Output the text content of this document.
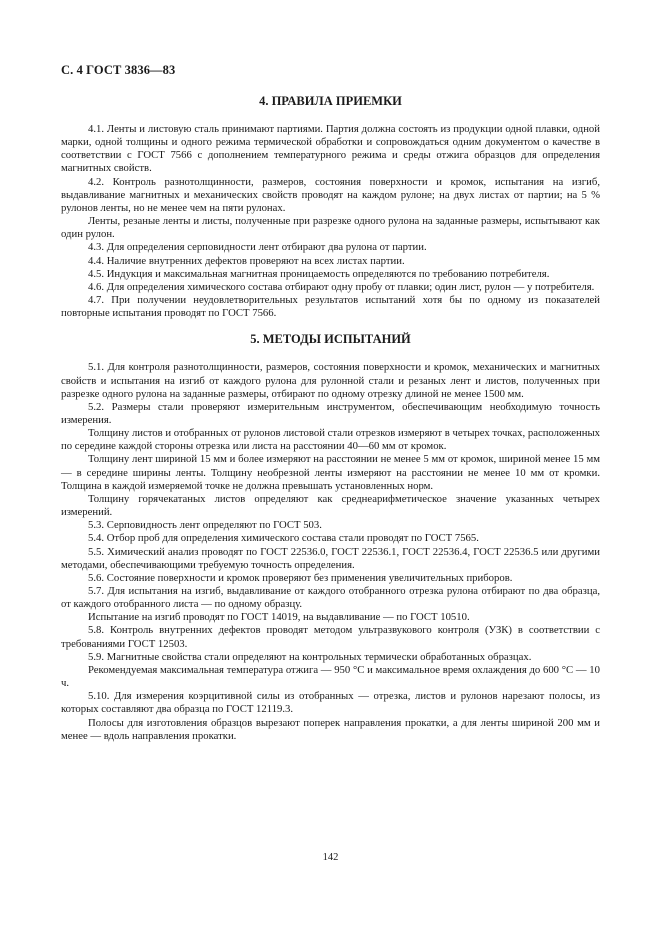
С. 4 ГОСТ 3836—83
4. ПРАВИЛА ПРИЕМКИ

4.1. Ленты и листовую сталь принимают партиями. Партия должна состоять из продукции одной плавки, одной марки, одной толщины и одного режима термической обработки и сопровождаться одним документом о качестве в соответствии с ГОСТ 7566 с дополнением температурного режима и среды отжига образцов для определения магнитных свойств.

4.2. Контроль разнотолщинности, размеров, состояния поверхности и кромок, испытания на изгиб, выдавливание магнитных и механических свойств проводят на каждом рулоне; на двух листах от партии; на 5 % рулонов ленты, но не менее чем на пяти рулонах.

Ленты, резаные ленты и листы, полученные при разрезке одного рулона на заданные размеры, испытывают как один рулон.

4.3. Для определения серповидности лент отбирают два рулона от партии.

4.4. Наличие внутренних дефектов проверяют на всех листах партии.

4.5. Индукция и максимальная магнитная проницаемость определяются по требованию потребителя.

4.6. Для определения химического состава отбирают одну пробу от плавки; один лист, рулон — у потребителя.

4.7. При получении неудовлетворительных результатов испытаний хотя бы по одному из показателей повторные испытания проводят по ГОСТ 7566.

5. МЕТОДЫ ИСПЫТАНИЙ

5.1. Для контроля разнотолщинности, размеров, состояния поверхности и кромок, механических и магнитных свойств и испытания на изгиб от каждого рулона для рулонной стали и резаных лент и листов, полученных при разрезке одного рулона на заданные размеры, отбирают по одному отрезку длиной не менее 1500 мм.

5.2. Размеры стали проверяют измерительным инструментом, обеспечивающим необходимую точность измерения.

Толщину листов и отобранных от рулонов листовой стали отрезков измеряют в четырех точках, расположенных по середине каждой стороны отрезка или листа на расстоянии 40—60 мм от кромок.

Толщину лент шириной 15 мм и более измеряют на расстоянии не менее 5 мм от кромок, шириной менее 15 мм — в середине ширины ленты. Толщину необрезной ленты измеряют на расстоянии не менее 10 мм от кромки. Толщина в каждой измеряемой точке не должна превышать установленных норм.

Толщину горячекатаных листов определяют как среднеарифметическое значение указанных четырех измерений.

5.3. Серповидность лент определяют по ГОСТ 503.

5.4. Отбор проб для определения химического состава стали проводят по ГОСТ 7565.

5.5. Химический анализ проводят по ГОСТ 22536.0, ГОСТ 22536.1, ГОСТ 22536.4, ГОСТ 22536.5 или другими методами, обеспечивающими требуемую точность определения.

5.6. Состояние поверхности и кромок проверяют без применения увеличительных приборов.

5.7. Для испытания на изгиб, выдавливание от каждого отобранного отрезка рулона отбирают по два образца, от каждого отобранного листа — по одному образцу.

Испытание на изгиб проводят по ГОСТ 14019, на выдавливание — по ГОСТ 10510.

5.8. Контроль внутренних дефектов проводят методом ультразвукового контроля (УЗК) в соответствии с требованиями ГОСТ 12503.

5.9. Магнитные свойства стали определяют на контрольных термически обработанных образцах.

Рекомендуемая максимальная температура отжига — 950 °С и максимальное время охлаждения до 600 °С — 10 ч.

5.10. Для измерения коэрцитивной силы из отобранных — отрезка, листов и рулонов нарезают полосы, из которых составляют два образца по ГОСТ 12119.3.

Полосы для изготовления образцов вырезают поперек направления прокатки, а для ленты шириной 200 мм и менее — вдоль направления прокатки.

142
